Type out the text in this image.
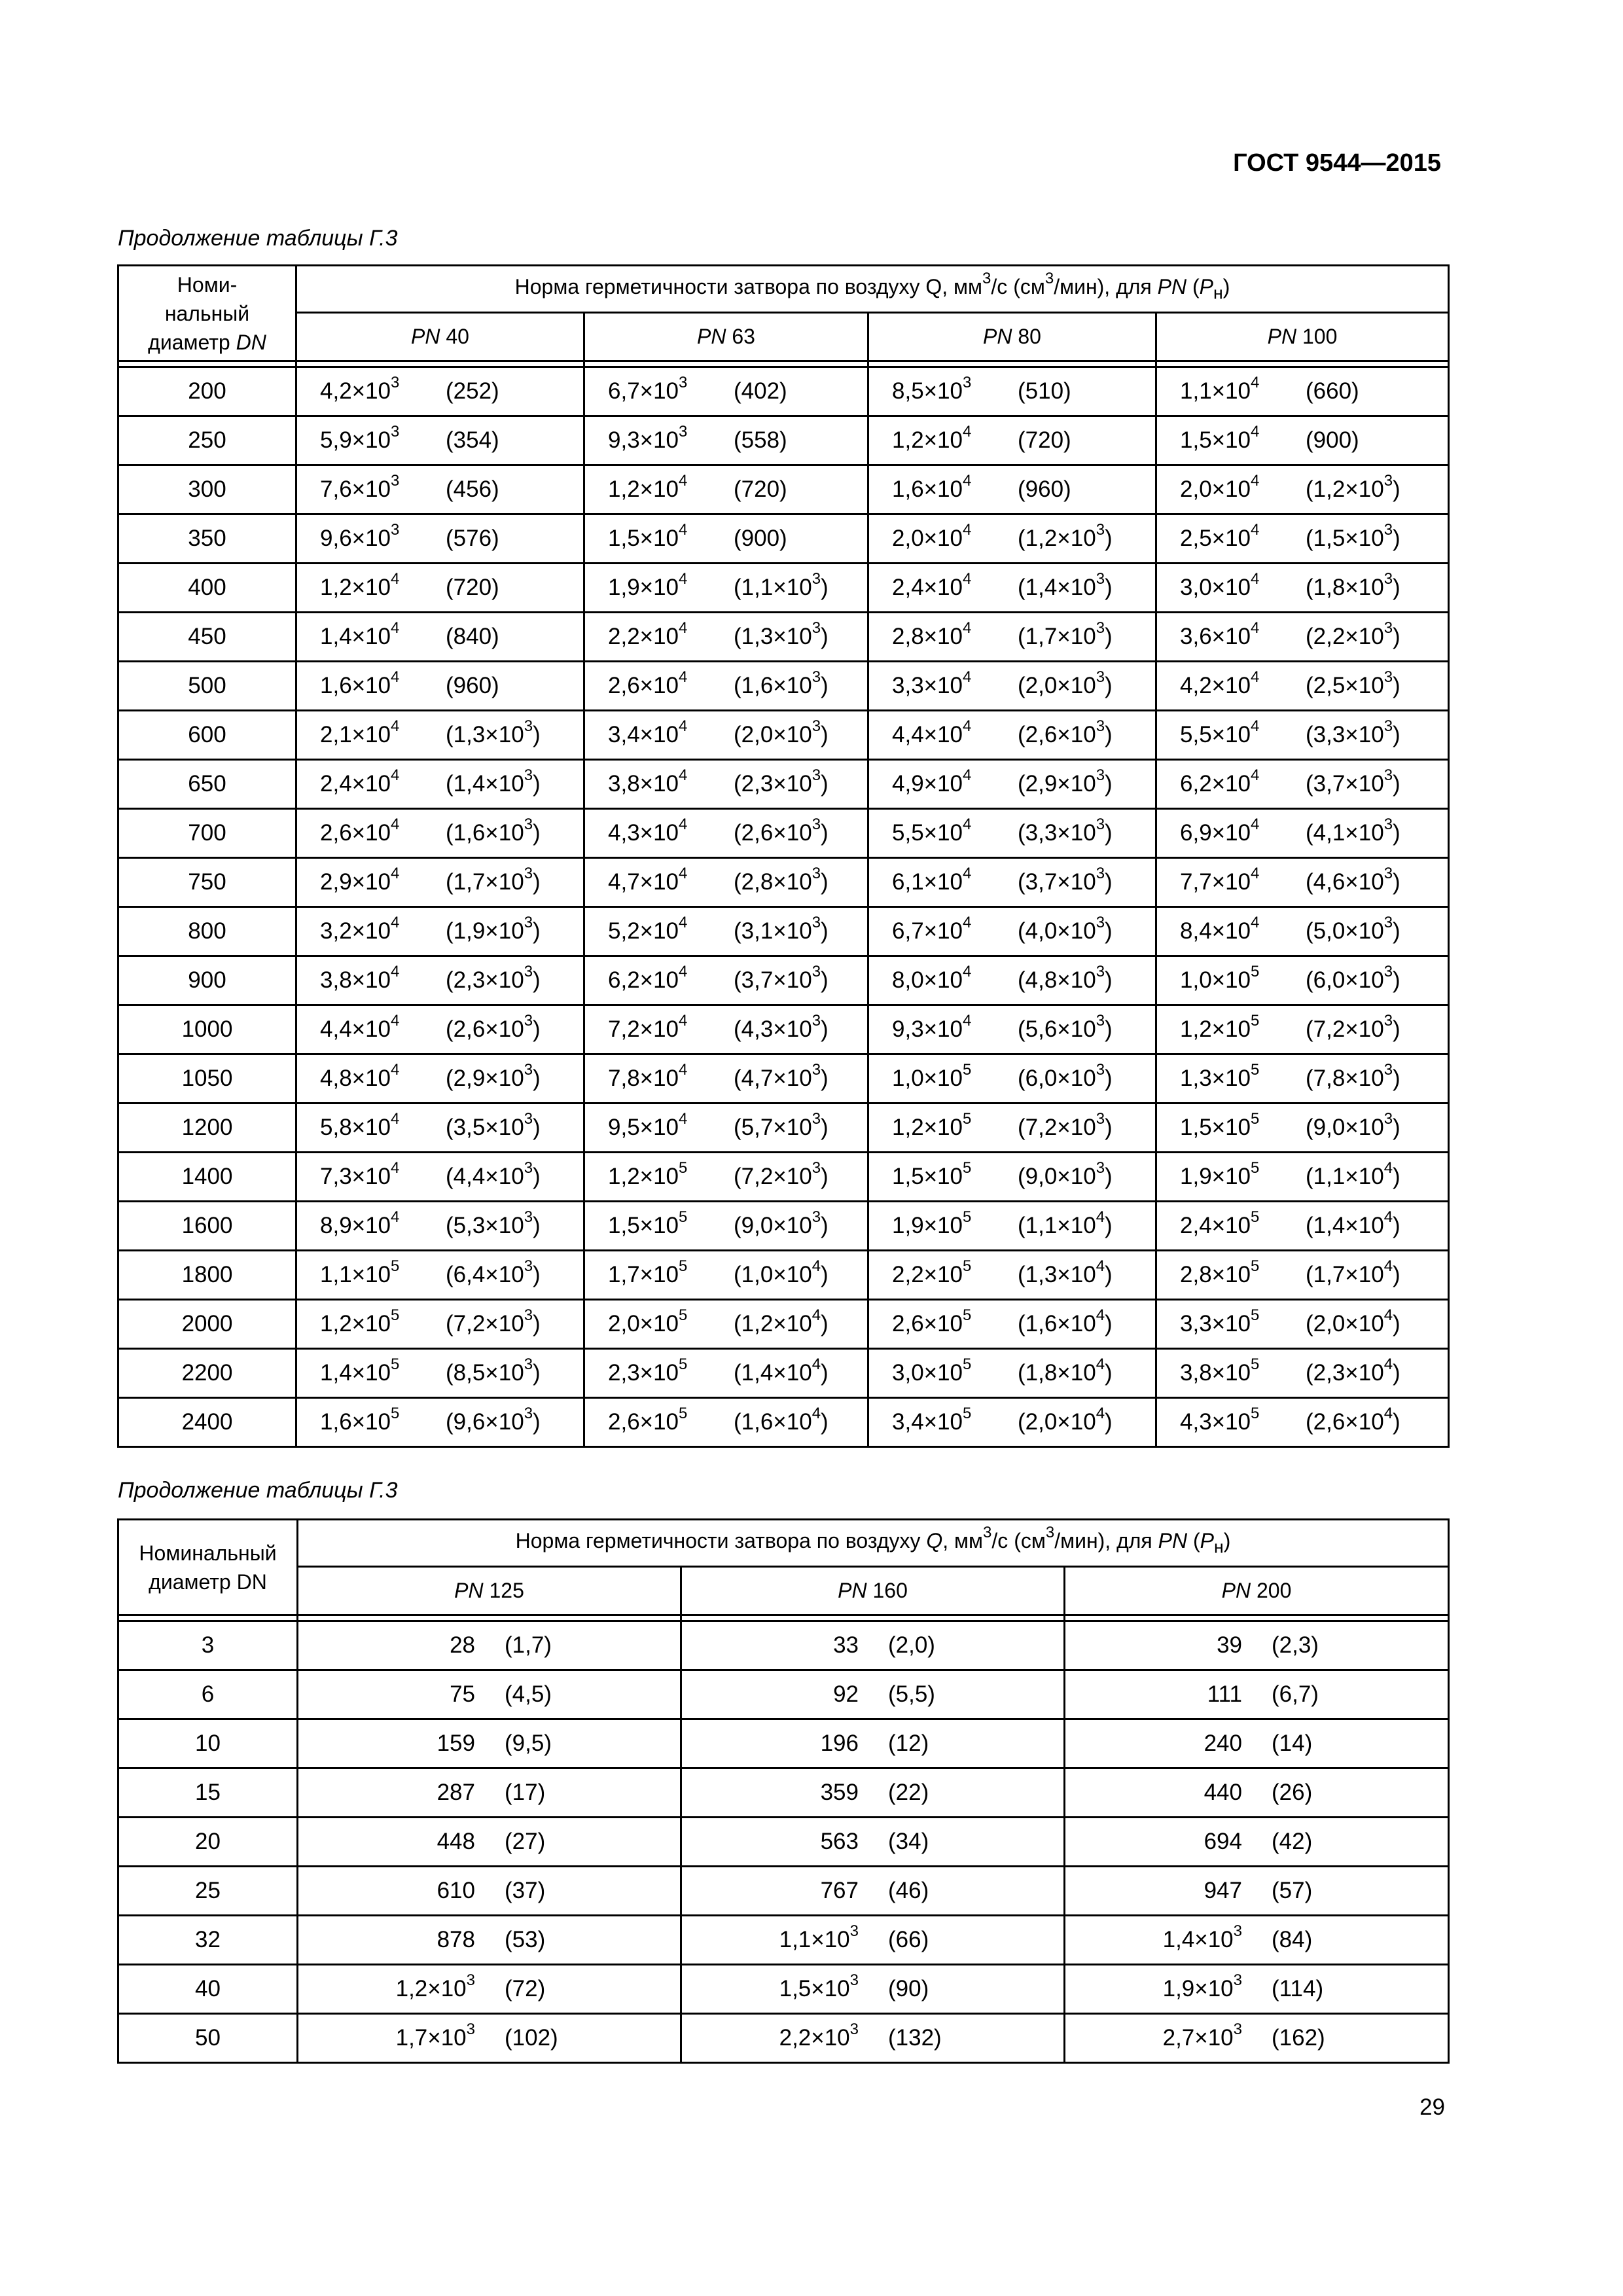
ГОСТ 9544—2015
Продолжение таблицы Г.3
Номи-
нальный
диаметр DN	Норма герметичности затвора по воздуху Q, $мм^3/с$ $(см^3/мин)$, для PN $(P_н)$			
	PN 40	PN 63	PN 80	PN 100

200	$4,2\times 10^3$ (252)	$6,7\times 10^3$ (402)	$8,5\times 10^3$ (510)	$1,1\times 10^4$ (660)
250	$5,9\times 10^3$ (354)	$9,3\times 10^3$ (558)	$1,2\times 10^4$ (720)	$1,5\times 10^4$ (900)
300	$7,6\times 10^3$ (456)	$1,2\times 10^4$ (720)	$1,6\times 10^4$ (960)	$2,0\times 10^4$ $(1,2\times 10^3)$
350	$9,6\times 10^3$ (576)	$1,5\times 10^4$ (900)	$2,0\times 10^4$ $(1,2\times 10^3)$	$2,5\times 10^4$ $(1,5\times 10^3)$
400	$1,2\times 10^4$ (720)	$1,9\times 10^4$ $(1,1\times 10^3)$	$2,4\times 10^4$ $(1,4\times 10^3)$	$3,0\times 10^4$ $(1,8\times 10^3)$
450	$1,4\times 10^4$ (840)	$2,2\times 10^4$ $(1,3\times 10^3)$	$2,8\times 10^4$ $(1,7\times 10^3)$	$3,6\times 10^4$ $(2,2\times 10^3)$
500	$1,6\times 10^4$ (960)	$2,6\times 10^4$ $(1,6\times 10^3)$	$3,3\times 10^4$ $(2,0\times 10^3)$	$4,2\times 10^4$ $(2,5\times 10^3)$
600	$2,1\times 10^4$ $(1,3\times 10^3)$	$3,4\times 10^4$ $(2,0\times 10^3)$	$4,4\times 10^4$ $(2,6\times 10^3)$	$5,5\times 10^4$ $(3,3\times 10^3)$
650	$2,4\times 10^4$ $(1,4\times 10^3)$	$3,8\times 10^4$ $(2,3\times 10^3)$	$4,9\times 10^4$ $(2,9\times 10^3)$	$6,2\times 10^4$ $(3,7\times 10^3)$
700	$2,6\times 10^4$ $(1,6\times 10^3)$	$4,3\times 10^4$ $(2,6\times 10^3)$	$5,5\times 10^4$ $(3,3\times 10^3)$	$6,9\times 10^4$ $(4,1\times 10^3)$
750	$2,9\times 10^4$ $(1,7\times 10^3)$	$4,7\times 10^4$ $(2,8\times 10^3)$	$6,1\times 10^4$ $(3,7\times 10^3)$	$7,7\times 10^4$ $(4,6\times 10^3)$
800	$3,2\times 10^4$ $(1,9\times 10^3)$	$5,2\times 10^4$ $(3,1\times 10^3)$	$6,7\times 10^4$ $(4,0\times 10^3)$	$8,4\times 10^4$ $(5,0\times 10^3)$
900	$3,8\times 10^4$ $(2,3\times 10^3)$	$6,2\times 10^4$ $(3,7\times 10^3)$	$8,0\times 10^4$ $(4,8\times 10^3)$	$1,0\times 10^5$ $(6,0\times 10^3)$
1000	$4,4\times 10^4$ $(2,6\times 10^3)$	$7,2\times 10^4$ $(4,3\times 10^3)$	$9,3\times 10^4$ $(5,6\times 10^3)$	$1,2\times 10^5$ $(7,2\times 10^3)$
1050	$4,8\times 10^4$ $(2,9\times 10^3)$	$7,8\times 10^4$ $(4,7\times 10^3)$	$1,0\times 10^5$ $(6,0\times 10^3)$	$1,3\times 10^5$ $(7,8\times 10^3)$
1200	$5,8\times 10^4$ $(3,5\times 10^3)$	$9,5\times 10^4$ $(5,7\times 10^3)$	$1,2\times 10^5$ $(7,2\times 10^3)$	$1,5\times 10^5$ $(9,0\times 10^3)$
1400	$7,3\times 10^4$ $(4,4\times 10^3)$	$1,2\times 10^5$ $(7,2\times 10^3)$	$1,5\times 10^5$ $(9,0\times 10^3)$	$1,9\times 10^5$ $(1,1\times 10^4)$
1600	$8,9\times 10^4$ $(5,3\times 10^3)$	$1,5\times 10^5$ $(9,0\times 10^3)$	$1,9\times 10^5$ $(1,1\times 10^4)$	$2,4\times 10^5$ $(1,4\times 10^4)$
1800	$1,1\times 10^5$ $(6,4\times 10^3)$	$1,7\times 10^5$ $(1,0\times 10^4)$	$2,2\times 10^5$ $(1,3\times 10^4)$	$2,8\times 10^5$ $(1,7\times 10^4)$
2000	$1,2\times 10^5$ $(7,2\times 10^3)$	$2,0\times 10^5$ $(1,2\times 10^4)$	$2,6\times 10^5$ $(1,6\times 10^4)$	$3,3\times 10^5$ $(2,0\times 10^4)$
2200	$1,4\times 10^5$ $(8,5\times 10^3)$	$2,3\times 10^5$ $(1,4\times 10^4)$	$3,0\times 10^5$ $(1,8\times 10^4)$	$3,8\times 10^5$ $(2,3\times 10^4)$
2400	$1,6\times 10^5$ $(9,6\times 10^3)$	$2,6\times 10^5$ $(1,6\times 10^4)$	$3,4\times 10^5$ $(2,0\times 10^4)$	$4,3\times 10^5$ $(2,6\times 10^4)$
Продолжение таблицы Г.3
Номинальный
диаметр DN	Норма герметичности затвора по воздуху Q, $мм^3/с$ $(см^3/мин)$, для PN $(P_н)$		
	PN 125	PN 160	PN 200

3	28 (1,7)	33 (2,0)	39 (2,3)
6	75 (4,5)	92 (5,5)	111 (6,7)
10	159 (9,5)	196 (12)	240 (14)
15	287 (17)	359 (22)	440 (26)
20	448 (27)	563 (34)	694 (42)
25	610 (37)	767 (46)	947 (57)
32	878 (53)	$1,1\times 10^3$ (66)	$1,4\times 10^3$ (84)
40	$1,2\times 10^3$ (72)	$1,5\times 10^3$ (90)	$1,9\times 10^3$ (114)
50	$1,7\times 10^3$ (102)	$2,2\times 10^3$ (132)	$2,7\times 10^3$ (162)
29
